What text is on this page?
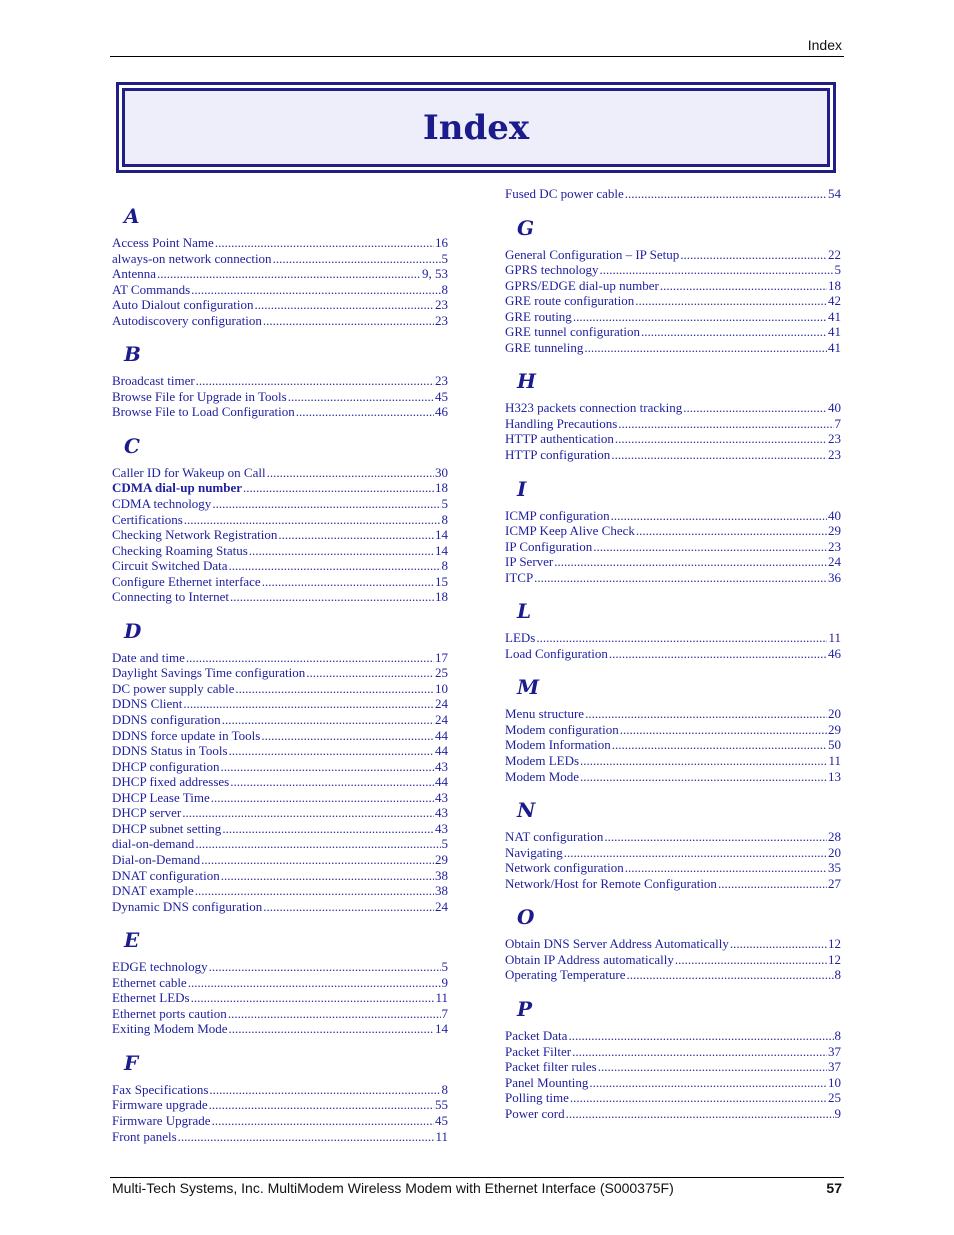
Index
Index
A
Access Point Name .....	16
always-on network connection .....	5
Antenna .....	9, 53
AT Commands .....	8
Auto Dialout configuration .....	23
Autodiscovery configuration .....	23
B
Broadcast timer .....	23
Browse File for Upgrade in Tools .....	45
Browse File to Load Configuration .....	46
C
Caller ID for Wakeup on Call .....	30
CDMA dial-up number .....	18
CDMA technology .....	5
Certifications .....	8
Checking Network Registration .....	14
Checking Roaming Status .....	14
Circuit Switched Data .....	8
Configure Ethernet interface .....	15
Connecting to Internet .....	18
D
Date and time .....	17
Daylight Savings Time configuration .....	25
DC power supply cable .....	10
DDNS Client .....	24
DDNS configuration .....	24
DDNS force update in Tools .....	44
DDNS Status in Tools .....	44
DHCP configuration .....	43
DHCP fixed addresses .....	44
DHCP Lease Time .....	43
DHCP server .....	43
DHCP subnet setting .....	43
dial-on-demand .....	5
Dial-on-Demand .....	29
DNAT configuration .....	38
DNAT example .....	38
Dynamic DNS configuration .....	24
E
EDGE technology .....	5
Ethernet cable .....	9
Ethernet LEDs .....	11
Ethernet ports caution .....	7
Exiting Modem Mode .....	14
F
Fax Specifications .....	8
Firmware upgrade .....	55
Firmware Upgrade .....	45
Front panels .....	11
Fused DC power cable .....	54
G
General Configuration – IP Setup .....	22
GPRS technology .....	5
GPRS/EDGE dial-up number .....	18
GRE route configuration .....	42
GRE routing .....	41
GRE tunnel configuration .....	41
GRE tunneling .....	41
H
H323 packets connection tracking .....	40
Handling Precautions .....	7
HTTP authentication .....	23
HTTP configuration .....	23
I
ICMP configuration .....	40
ICMP Keep Alive Check .....	29
IP Configuration .....	23
IP Server .....	24
ITCP .....	36
L
LEDs .....	11
Load Configuration .....	46
M
Menu structure .....	20
Modem configuration .....	29
Modem Information .....	50
Modem LEDs .....	11
Modem Mode .....	13
N
NAT configuration .....	28
Navigating .....	20
Network configuration .....	35
Network/Host for Remote Configuration .....	27
O
Obtain DNS Server Address Automatically .....	12
Obtain IP Address automatically .....	12
Operating Temperature .....	8
P
Packet Data .....	8
Packet Filter .....	37
Packet filter rules .....	37
Panel Mounting .....	10
Polling time .....	25
Power cord .....	9
Multi-Tech Systems, Inc. MultiModem Wireless Modem with Ethernet Interface (S000375F)	57
